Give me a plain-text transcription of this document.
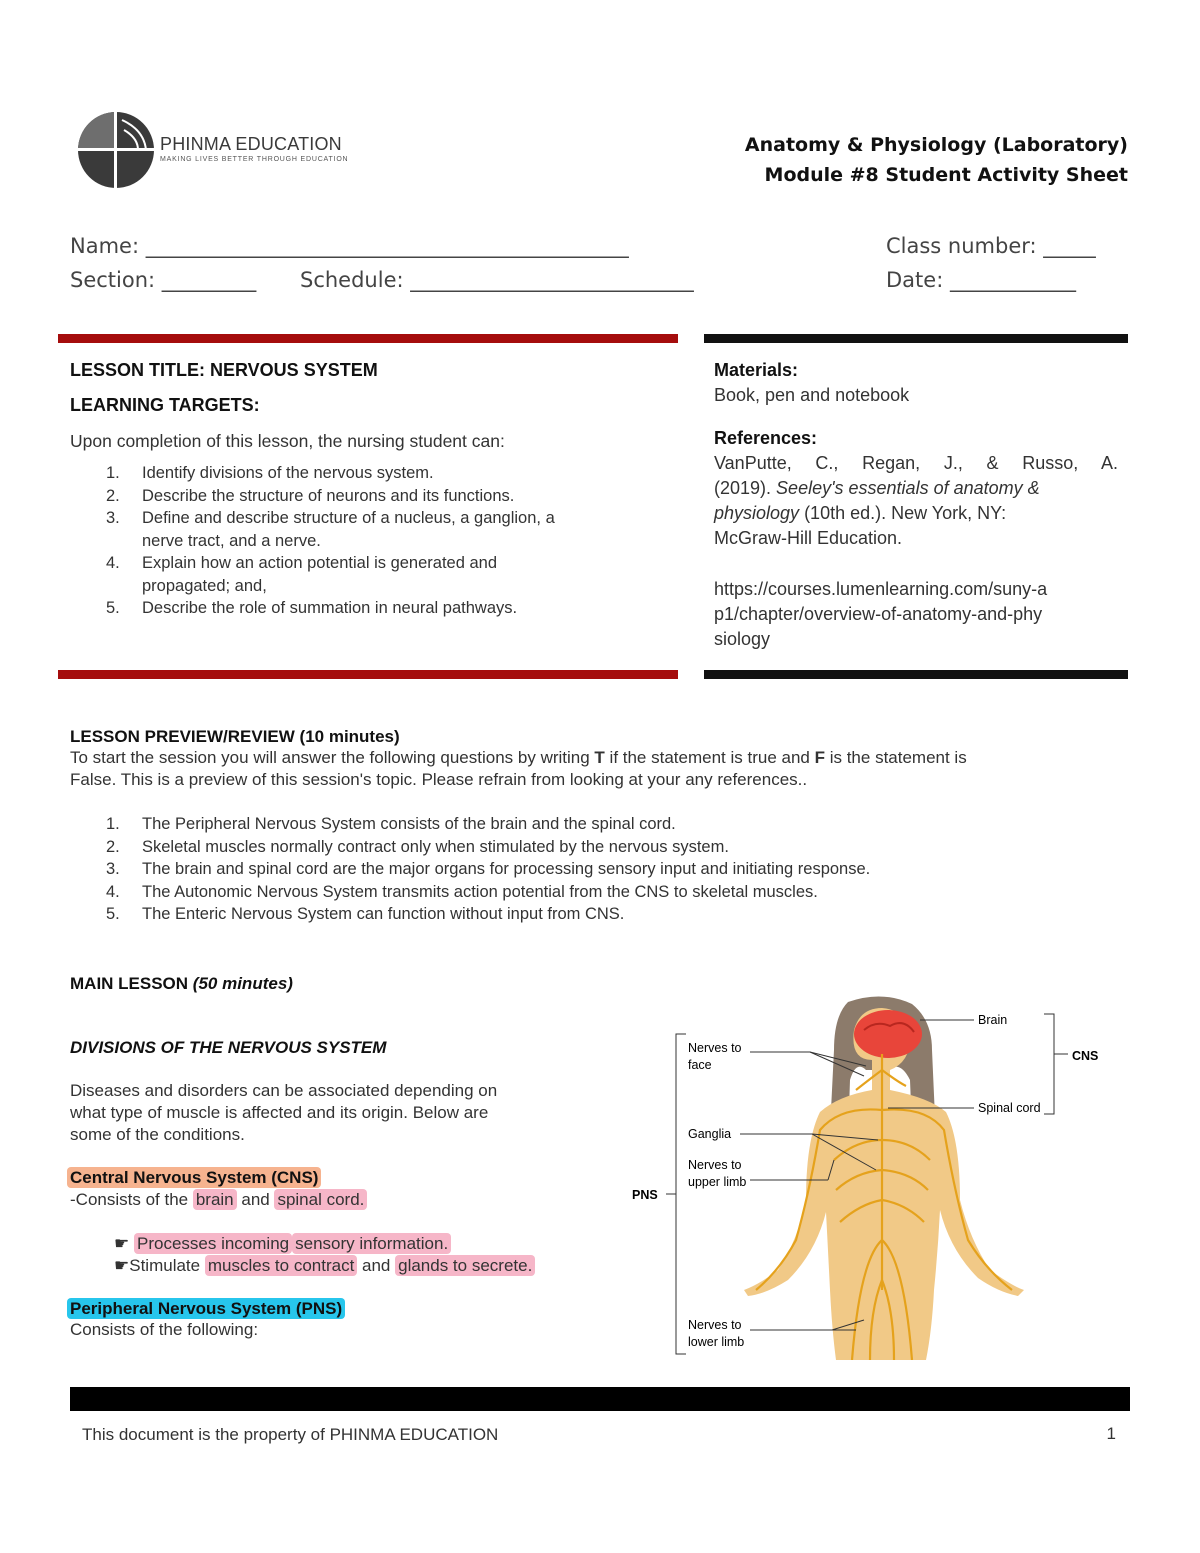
PHINMA EDUCATION
MAKING LIVES BETTER THROUGH EDUCATION
Anatomy & Physiology (Laboratory)
Module #8 Student Activity Sheet
Name: ______________________________________________	Class number: _____
Section: _________ Schedule: ___________________________	Date: ____________
LESSON TITLE: NERVOUS SYSTEM
LEARNING TARGETS:
Upon completion of this lesson, the nursing student can:
1. Identify divisions of the nervous system.
2. Describe the structure of neurons and its functions.
3. Define and describe structure of a nucleus, a ganglion, a
nerve tract, and a nerve.
4. Explain how an action potential is generated and
propagated; and,
5. Describe the role of summation in neural pathways.
Materials:
Book, pen and notebook
References:
VanPutte, C., Regan, J., & Russo, A.
(2019). Seeley's essentials of anatomy &
physiology (10th ed.). New York, NY:
McGraw-Hill Education.
https://courses.lumenlearning.com/suny-a
p1/chapter/overview-of-anatomy-and-phy
siology
LESSON PREVIEW/REVIEW (10 minutes)
To start the session you will answer the following questions by writing T if the statement is true and F is the statement is
False. This is a preview of this session's topic. Please refrain from looking at your any references..
1. The Peripheral Nervous System consists of the brain and the spinal cord.
2. Skeletal muscles normally contract only when stimulated by the nervous system.
3. The brain and spinal cord are the major organs for processing sensory input and initiating response.
4. The Autonomic Nervous System transmits action potential from the CNS to skeletal muscles.
5. The Enteric Nervous System can function without input from CNS.
MAIN LESSON (50 minutes)
DIVISIONS OF THE NERVOUS SYSTEM
Diseases and disorders can be associated depending on
what type of muscle is affected and its origin. Below are
some of the conditions.
Central Nervous System (CNS)
-Consists of the brain and spinal cord.
☛ Processes incoming sensory information.
☛Stimulate muscles to contract and glands to secrete.
Peripheral Nervous System (PNS)
Consists of the following:
Brain
CNS
Nerves to
face
Spinal cord
Ganglia
Nerves to
upper limb
PNS
Nerves to
lower limb
This document is the property of PHINMA EDUCATION	1
